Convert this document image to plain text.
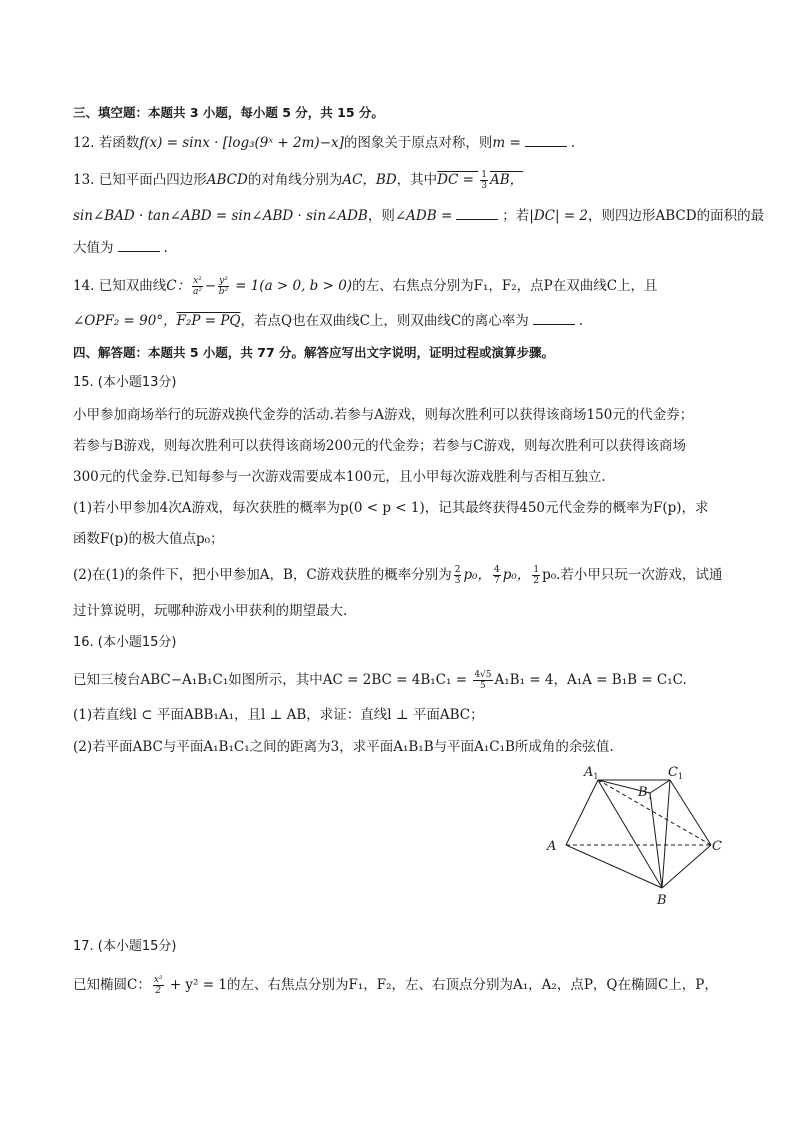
三、填空题：本题共 3 小题，每小题 5 分，共 15 分。
12. 若函数f(x) = sinx · [log₃(9ˣ + 2m)−x]的图象关于原点对称，则m =	.
13. 已知平面凸四边形ABCD的对角线分别为AC，BD，其中DC = $\frac{1}{3}$ AB，
sin∠BAD · tan∠ABD = sin∠ABD · sin∠ADB，则∠ADB =	；若|DC| = 2，则四边形ABCD的面积的最
大值为	.
14. 已知双曲线C： $\frac{\text{x²}}{\text{a²}} - \frac{\text{y²}}{\text{b²}} = 1(a > 0$, b > 0)的左、右焦点分别为F₁，F₂，点P在双曲线C上，且
∠OPF₂ = 90°，F₂P = PQ，若点Q也在双曲线C上，则双曲线C的离心率为	.
四、解答题：本题共 5 小题，共 77 分。解答应写出文字说明，证明过程或演算步骤。
15. (本小题13分)
小甲参加商场举行的玩游戏换代金券的活动.若参与A游戏，则每次胜利可以获得该商场150元的代金券；
若参与B游戏，则每次胜利可以获得该商场200元的代金券；若参与C游戏，则每次胜利可以获得该商场
300元的代金券.已知每参与一次游戏需要成本100元，且小甲每次游戏胜利与否相互独立.
(1)若小甲参加4次A游戏，每次获胜的概率为p(0 < p < 1)，记其最终获得450元代金券的概率为F(p)，求
函数F(p)的极大值点p₀；
(2)在(1)的条件下，把小甲参加A，B，C游戏获胜的概率分别为 $\frac{2}{3} p_0$， $\frac{4}{7} p_0$， $\frac{1}{2} p_0$.若小甲只玩一次游戏，试通
过计算说明，玩哪种游戏小甲获利的期望最大.
16. (本小题15分)
已知三棱台ABC−A₁B₁C₁如图所示，其中AC = $2BC = 4B_1C_1 = \frac{4√5}{5} A_1B_1 = 4$，A₁A = B₁B = C₁C.
(1)若直线l ⊂ 平面ABB₁A₁，且l ⊥ AB，求证：直线l ⊥ 平面ABC；
(2)若平面ABC与平面A₁B₁C₁之间的距离为3，求平面A₁B₁B与平面A₁C₁B所成角的余弦值.
$A_1$	$C_1$
$B_1$
A
B
C
17. (本小题15分)
已知椭圆C： $\frac{\text{x²}}{2} + y^2 = 1$的左、右焦点分别为F₁，F₂，左、右顶点分别为A₁，A₂，点P，Q在椭圆C上，P，
